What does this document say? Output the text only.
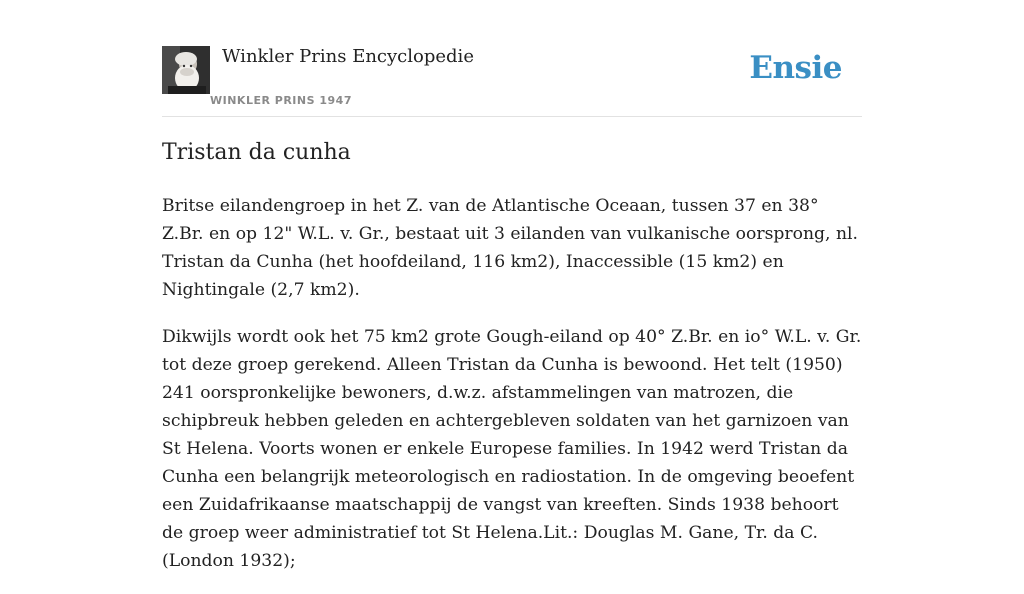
Winkler Prins Encyclopedie
WINKLER PRINS 1947
Ensie
Tristan da cunha

Britse eilandengroep in het Z. van de Atlantische Oceaan, tussen 37 en 38° Z.Br. en op 12" W.L. v. Gr., bestaat uit 3 eilanden van vulkanische oorsprong, nl. Tristan da Cunha (het hoofdeiland, 116 km2), Inaccessible (15 km2) en Nightingale (2,7 km2).

Dikwijls wordt ook het 75 km2 grote Gough-eiland op 40° Z.Br. en io° W.L. v. Gr. tot deze groep gerekend. Alleen Tristan da Cunha is bewoond. Het telt (1950) 241 oorspronkelijke bewoners, d.w.z. afstammelingen van matrozen, die schipbreuk hebben geleden en achtergebleven soldaten van het garnizoen van St Helena. Voorts wonen er enkele Europese families. In 1942 werd Tristan da Cunha een belangrijk meteorologisch en radiostation. In de omgeving beoefent een Zuidafrikaanse maatschappij de vangst van kreeften. Sinds 1938 behoort de groep weer administratief tot St Helena.Lit.: Douglas M. Gane, Tr. da C. (London 1932);
